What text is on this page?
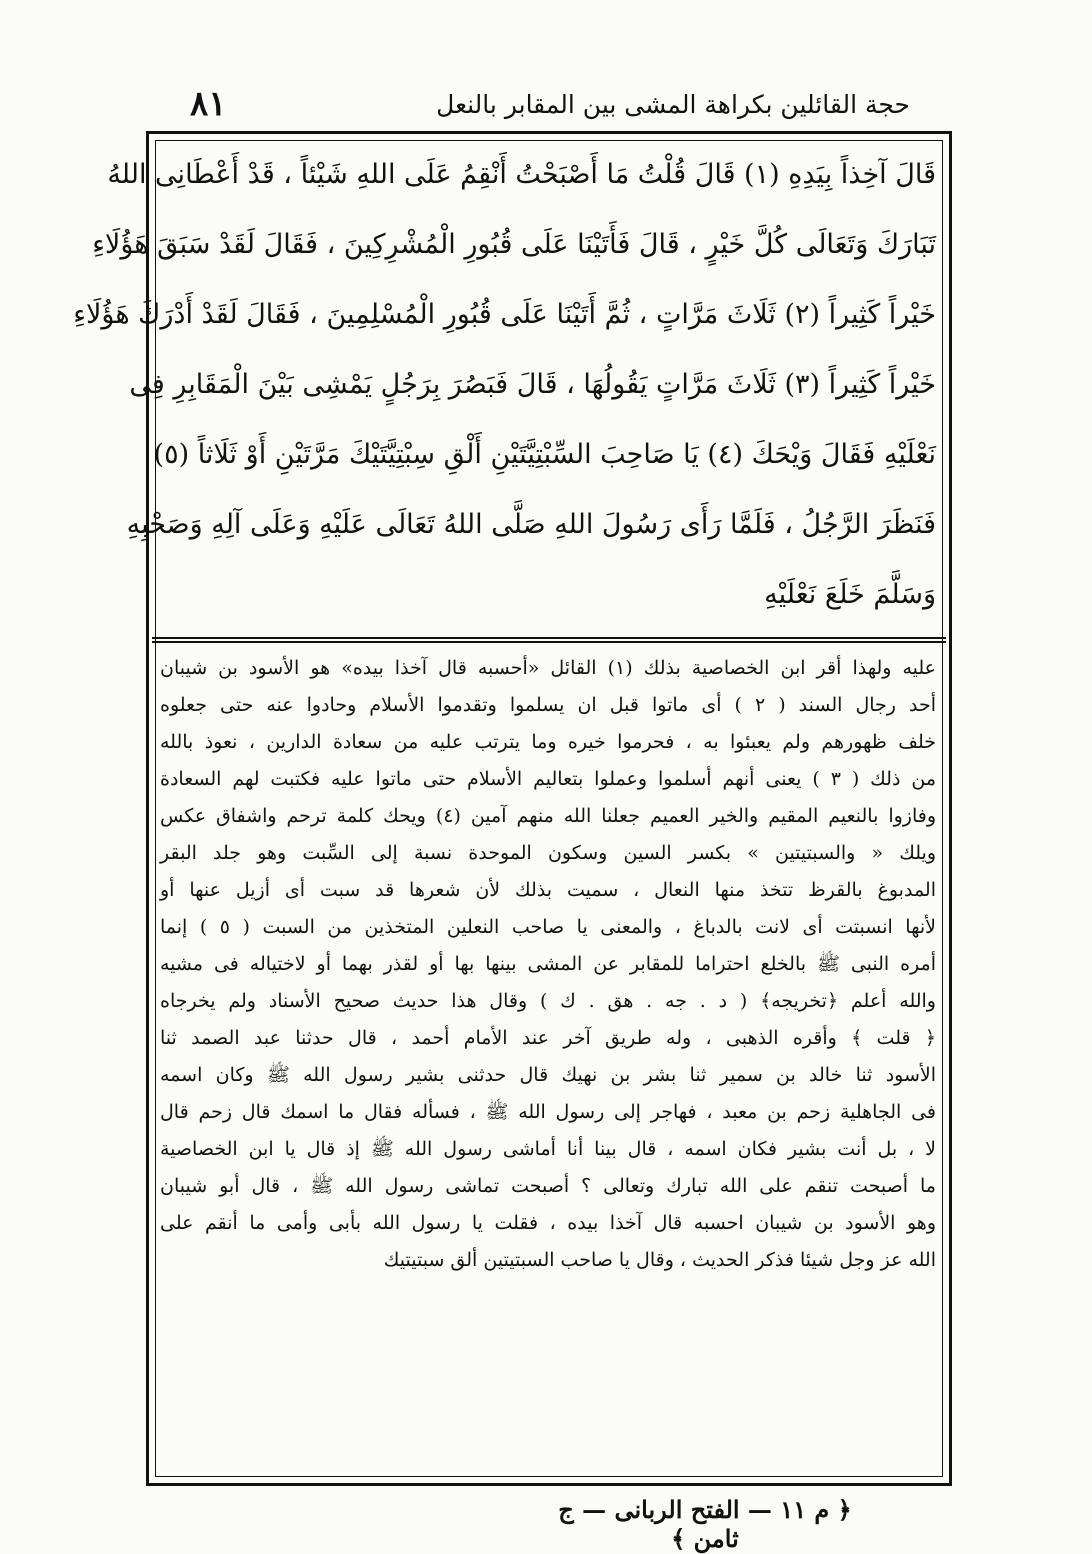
٨١	حجة القائلين بكراهة المشى بين المقابر بالنعل
قَالَ آخِذاً بِيَدِهِ (١) قَالَ قُلْتُ مَا أَصْبَحْتُ أَنْقِمُ عَلَى اللهِ شَيْئاً ، قَدْ أَعْطَانِى اللهُ
تَبَارَكَ وَتَعَالَى كُلَّ خَيْرٍ ، قَالَ فَأَتَيْنَا عَلَى قُبُورِ الْمُشْرِكِينَ ، فَقَالَ لَقَدْ سَبَقَ هَؤُلَاءِ
خَيْراً كَثِيراً (٢) ثَلَاثَ مَرَّاتٍ ، ثُمَّ أَتَيْنَا عَلَى قُبُورِ الْمُسْلِمِينَ ، فَقَالَ لَقَدْ أَدْرَكَ هَؤُلَاءِ
خَيْراً كَثِيراً (٣) ثَلَاثَ مَرَّاتٍ يَقُولُهَا ، قَالَ فَبَصُرَ بِرَجُلٍ يَمْشِى بَيْنَ الْمَقَابِرِ فِى
نَعْلَيْهِ فَقَالَ وَيْحَكَ (٤) يَا صَاحِبَ السِّبْتِيَّتَيْنِ أَلْقِ سِبْتِيَّتَيْكَ مَرَّتَيْنِ أَوْ ثَلَاثاً (٥)
فَنَظَرَ الرَّجُلُ ، فَلَمَّا رَأَى رَسُولَ اللهِ صَلَّى اللهُ تَعَالَى عَلَيْهِ وَعَلَى آلِهِ وَصَحْبِهِ
وَسَلَّمَ خَلَعَ نَعْلَيْهِ
عليه ولهذا أقر ابن الخصاصية بذلك (١) القائل «أحسبه قال آخذا بيده» هو الأسود بن شيبان
أحد رجال السند ( ٢ ) أى ماتوا قبل ان يسلموا وتقدموا الأسلام وحادوا عنه حتى جعلوه
خلف ظهورهم ولم يعبئوا به ، فحرموا خيره وما يترتب عليه من سعادة الدارين ، نعوذ بالله
من ذلك ( ٣ ) يعنى أنهم أسلموا وعملوا بتعاليم الأسلام حتى ماتوا عليه فكتبت لهم السعادة
وفازوا بالنعيم المقيم والخير العميم جعلنا الله منهم آمين (٤) ويحك كلمة ترحم واشفاق عكس
ويلك « والسبتيتين » بكسر السين وسكون الموحدة نسبة إلى السِّبت وهو جلد البقر
المدبوغ بالقرظ تتخذ منها النعال ، سميت بذلك لأن شعرها قد سبت أى أزيل عنها أو
لأنها انسبتت أى لانت بالدباغ ، والمعنى يا صاحب النعلين المتخذين من السبت ( ٥ ) إنما
أمره النبى ﷺ بالخلع احتراما للمقابر عن المشى بينها بها أو لقذر بهما أو لاختياله فى مشيه
والله أعلم ﴿تخريجه﴾ ( د . جه . هق . ك ) وقال هذا حديث صحيح الأسناد ولم يخرجاه
﴿ قلت ﴾ وأقره الذهبى ، وله طريق آخر عند الأمام أحمد ، قال حدثنا عبد الصمد ثنا
الأسود ثنا خالد بن سمير ثنا بشر بن نهيك قال حدثنى بشير رسول الله ﷺ وكان اسمه
فى الجاهلية زحم بن معبد ، فهاجر إلى رسول الله ﷺ ، فسأله فقال ما اسمك قال زحم قال
لا ، بل أنت بشير فكان اسمه ، قال بينا أنا أماشى رسول الله ﷺ إذ قال يا ابن الخصاصية
ما أصبحت تنقم على الله تبارك وتعالى ؟ أصبحت تماشى رسول الله ﷺ ، قال أبو شيبان
وهو الأسود بن شيبان احسبه قال آخذا بيده ، فقلت يا رسول الله بأبى وأمى ما أنقم على
الله عز وجل شيئا فذكر الحديث ، وقال يا صاحب السبتيتين ألق سبتيتيك
﴿ م ١١ — الفتح الربانى — ج ثامن ﴾
